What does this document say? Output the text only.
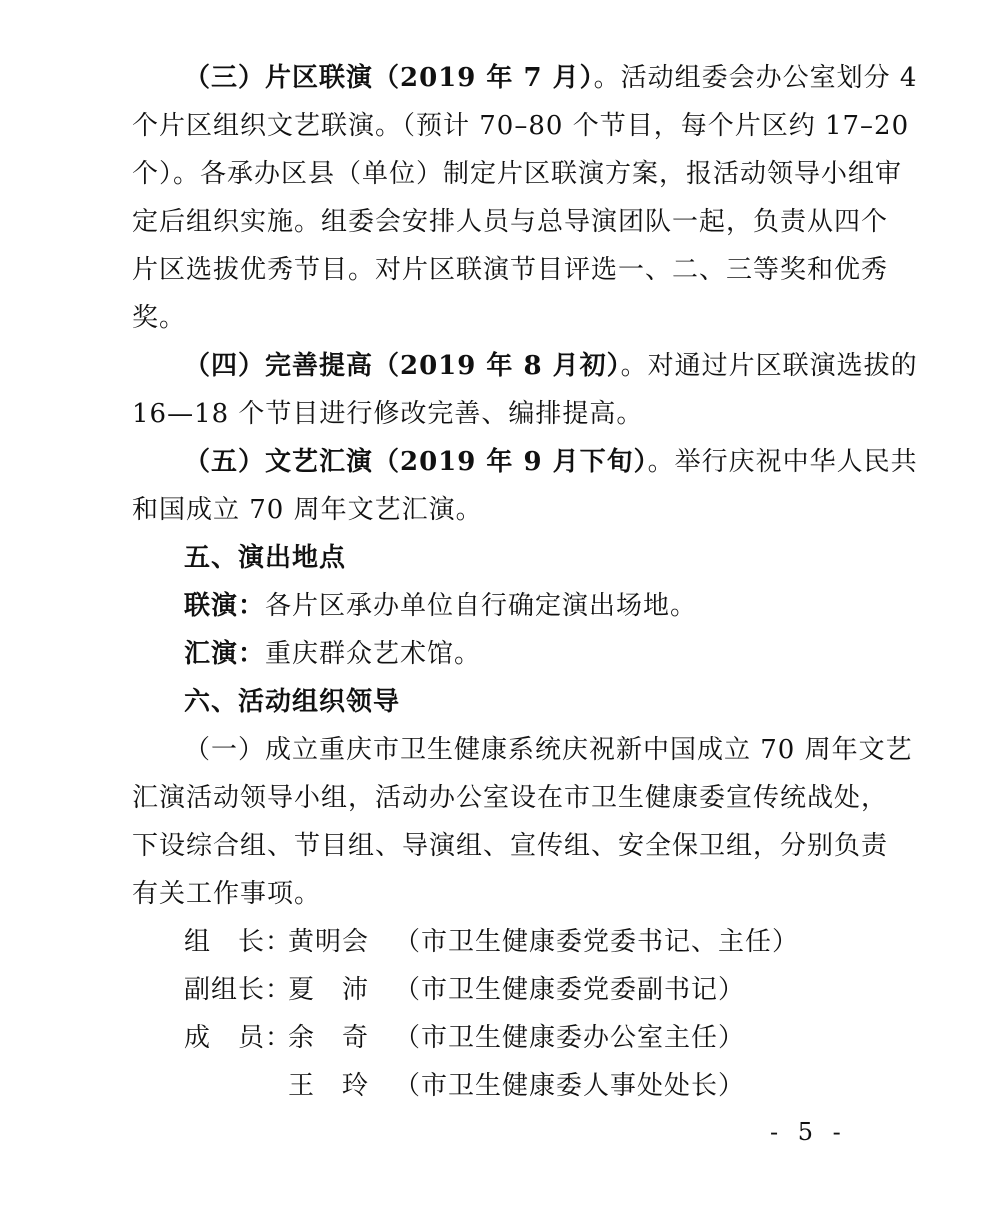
（三）片区联演（2019 年 7 月）。活动组委会办公室划分 4
个片区组织文艺联演。（预计 70–80 个节目，每个片区约 17–20
个）。各承办区县（单位）制定片区联演方案，报活动领导小组审
定后组织实施。组委会安排人员与总导演团队一起，负责从四个
片区选拔优秀节目。对片区联演节目评选一、二、三等奖和优秀
奖。
（四）完善提高（2019 年 8 月初）。对通过片区联演选拔的
16—18 个节目进行修改完善、编排提高。
（五）文艺汇演（2019 年 9 月下旬）。举行庆祝中华人民共
和国成立 70 周年文艺汇演。
五、演出地点
联演：各片区承办单位自行确定演出场地。
汇演：重庆群众艺术馆。
六、活动组织领导
（一）成立重庆市卫生健康系统庆祝新中国成立 70 周年文艺
汇演活动领导小组，活动办公室设在市卫生健康委宣传统战处，
下设综合组、节目组、导演组、宣传组、安全保卫组，分别负责
有关工作事项。
组　长：黄明会 （市卫生健康委党委书记、主任）
副组长：夏　沛 （市卫生健康委党委副书记）
成　员：余　奇 （市卫生健康委办公室主任）
王　玲 （市卫生健康委人事处处长）
- 5 -
